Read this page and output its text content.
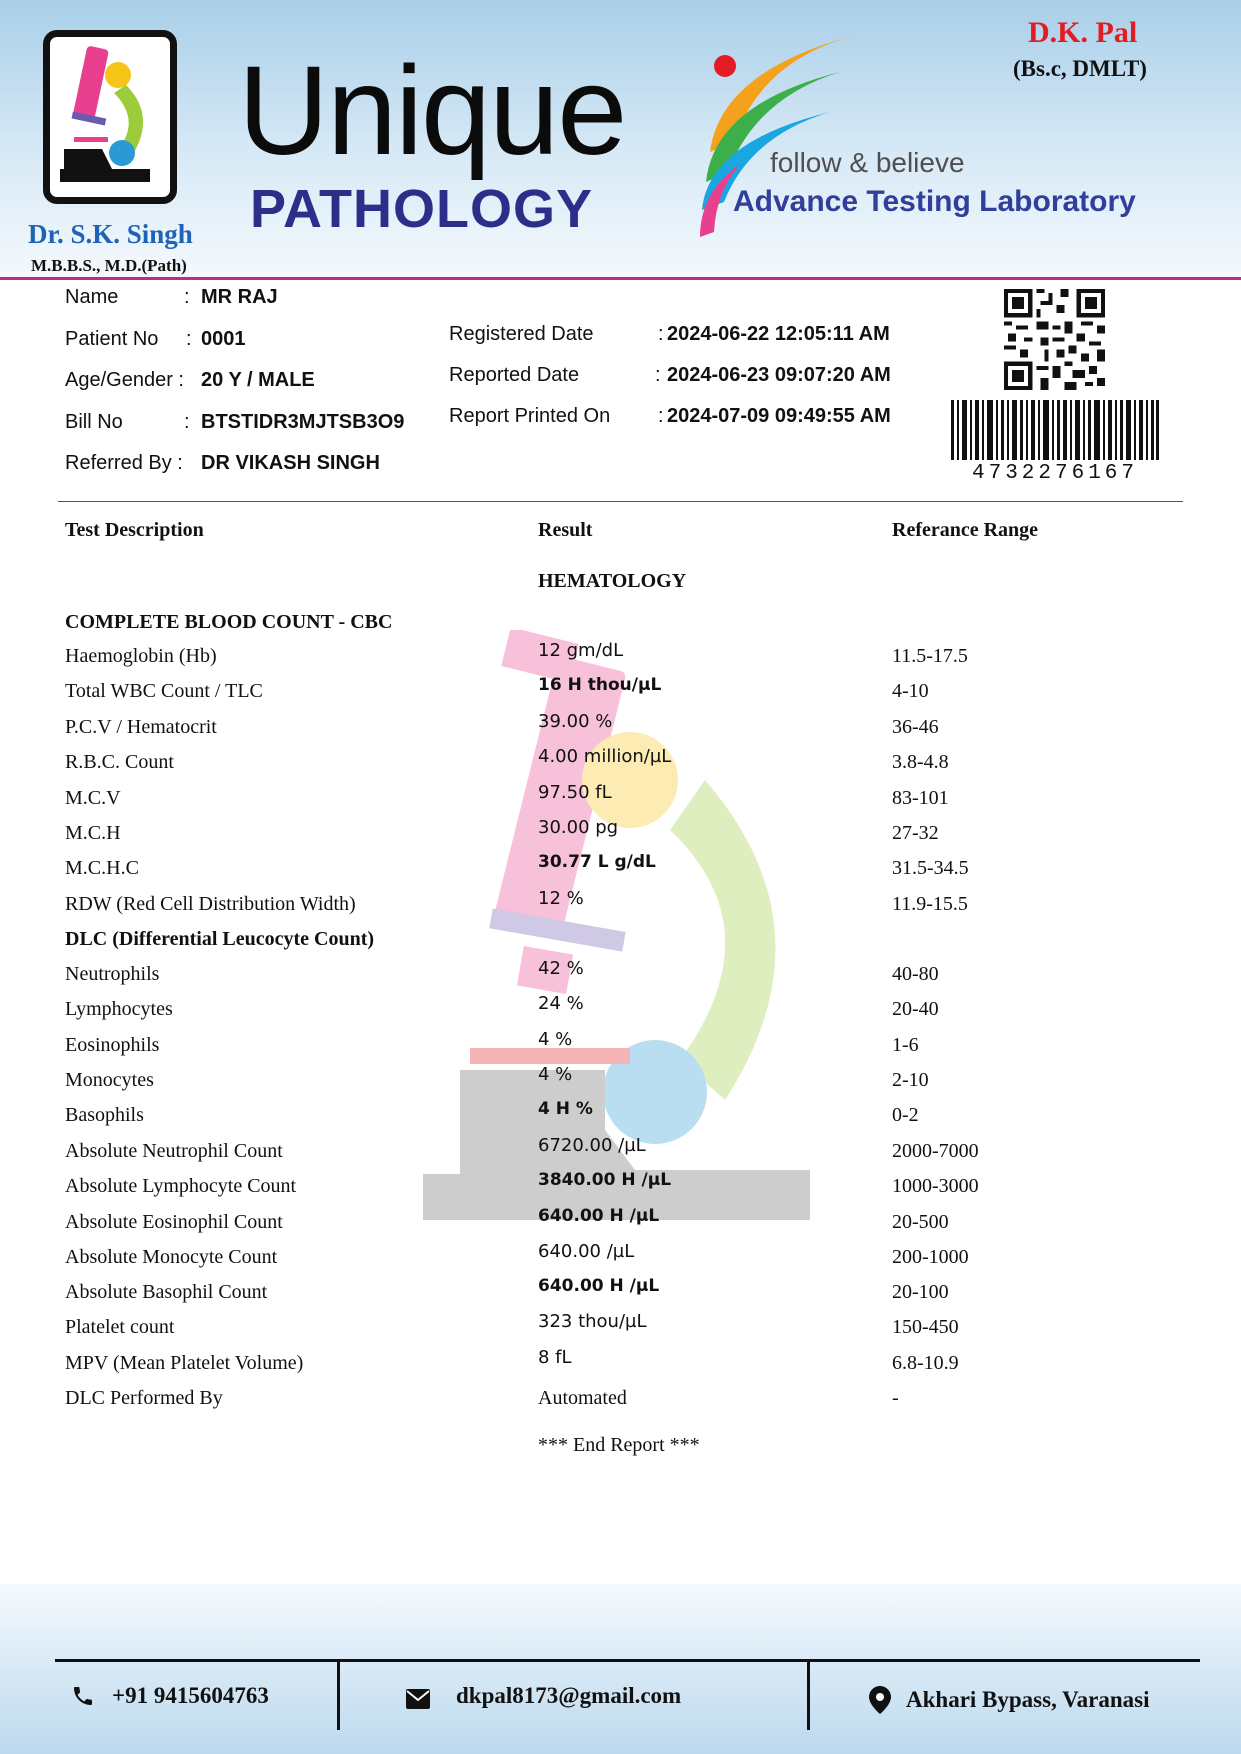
Dr. S.K. Singh
M.B.B.S., M.D.(Path)
Unique
PATHOLOGY
follow & believe
Advance Testing Laboratory
D.K. Pal
(Bs.c, DMLT)
Name	: MR RAJ
Patient No : 0001
Age/Gender : 20 Y / MALE
Bill No	: BTSTIDR3MJTSB3O9
Referred By : DR VIKASH SINGH
Registered Date	: 2024-06-22 12:05:11 AM
Reported Date	: 2024-06-23 09:07:20 AM
Report Printed On : 2024-07-09 09:49:55 AM
4732276167
Test Description	Result	Referance Range
HEMATOLOGY
COMPLETE BLOOD COUNT - CBC
Haemoglobin (Hb)	12 gm/dL	11.5-17.5
Total WBC Count / TLC	16 H thou/µL	4-10
P.C.V / Hematocrit	39.00 %	36-46
R.B.C. Count	4.00 million/µL	3.8-4.8
M.C.V	97.50 fL	83-101
M.C.H	30.00 pg	27-32
M.C.H.C	30.77 L g/dL	31.5-34.5
RDW (Red Cell Distribution Width)	12 %	11.9-15.5
DLC (Differential Leucocyte Count)
Neutrophils	42 %	40-80
Lymphocytes	24 %	20-40
Eosinophils	4 %	1-6
Monocytes	4 %	2-10
Basophils	4 H %	0-2
Absolute Neutrophil Count	6720.00 /µL	2000-7000
Absolute Lymphocyte Count	3840.00 H /µL	1000-3000
Absolute Eosinophil Count	640.00 H /µL	20-500
Absolute Monocyte Count	640.00 /µL	200-1000
Absolute Basophil Count	640.00 H /µL	20-100
Platelet count	323 thou/µL	150-450
MPV (Mean Platelet Volume)	8 fL	6.8-10.9
DLC Performed By	Automated	-
*** End Report ***
+91 9415604763	dkpal8173@gmail.com	Akhari Bypass, Varanasi
